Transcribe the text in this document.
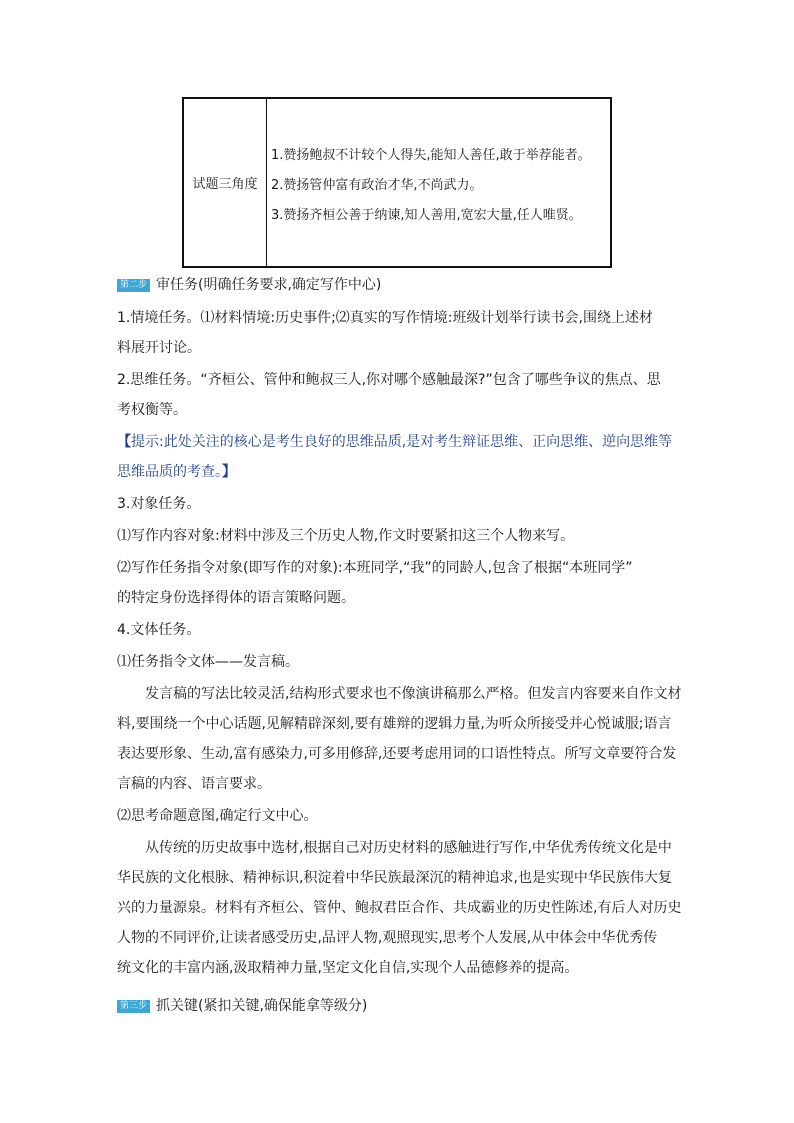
试题三角度
1.赞扬鲍叔不计较个人得失,能知人善任,敢于举荐能者。
2.赞扬管仲富有政治才华,不尚武力。
3.赞扬齐桓公善于纳谏,知人善用,宽宏大量,任人唯贤。
第二步 审任务(明确任务要求,确定写作中心)
1.情境任务。⑴材料情境:历史事件;⑵真实的写作情境:班级计划举行读书会,围绕上述材
料展开讨论。
2.思维任务。“齐桓公、管仲和鲍叔三人,你对哪个感触最深?”包含了哪些争议的焦点、思
考权衡等。
【提示:此处关注的核心是考生良好的思维品质,是对考生辩证思维、正向思维、逆向思维等
思维品质的考查。】
3.对象任务。
⑴写作内容对象:材料中涉及三个历史人物,作文时要紧扣这三个人物来写。
⑵写作任务指令对象(即写作的对象):本班同学,“我”的同龄人,包含了根据“本班同学”
的特定身份选择得体的语言策略问题。
4.文体任务。
⑴任务指令文体——发言稿。
发言稿的写法比较灵活,结构形式要求也不像演讲稿那么严格。但发言内容要来自作文材
料,要围绕一个中心话题,见解精辟深刻,要有雄辩的逻辑力量,为听众所接受并心悦诚服;语言
表达要形象、生动,富有感染力,可多用修辞,还要考虑用词的口语性特点。所写文章要符合发
言稿的内容、语言要求。
⑵思考命题意图,确定行文中心。
从传统的历史故事中选材,根据自己对历史材料的感触进行写作,中华优秀传统文化是中
华民族的文化根脉、精神标识,积淀着中华民族最深沉的精神追求,也是实现中华民族伟大复
兴的力量源泉。材料有齐桓公、管仲、鲍叔君臣合作、共成霸业的历史性陈述,有后人对历史
人物的不同评价,让读者感受历史,品评人物,观照现实,思考个人发展,从中体会中华优秀传
统文化的丰富内涵,汲取精神力量,坚定文化自信,实现个人品德修养的提高。
第三步 抓关键(紧扣关键,确保能拿等级分)
